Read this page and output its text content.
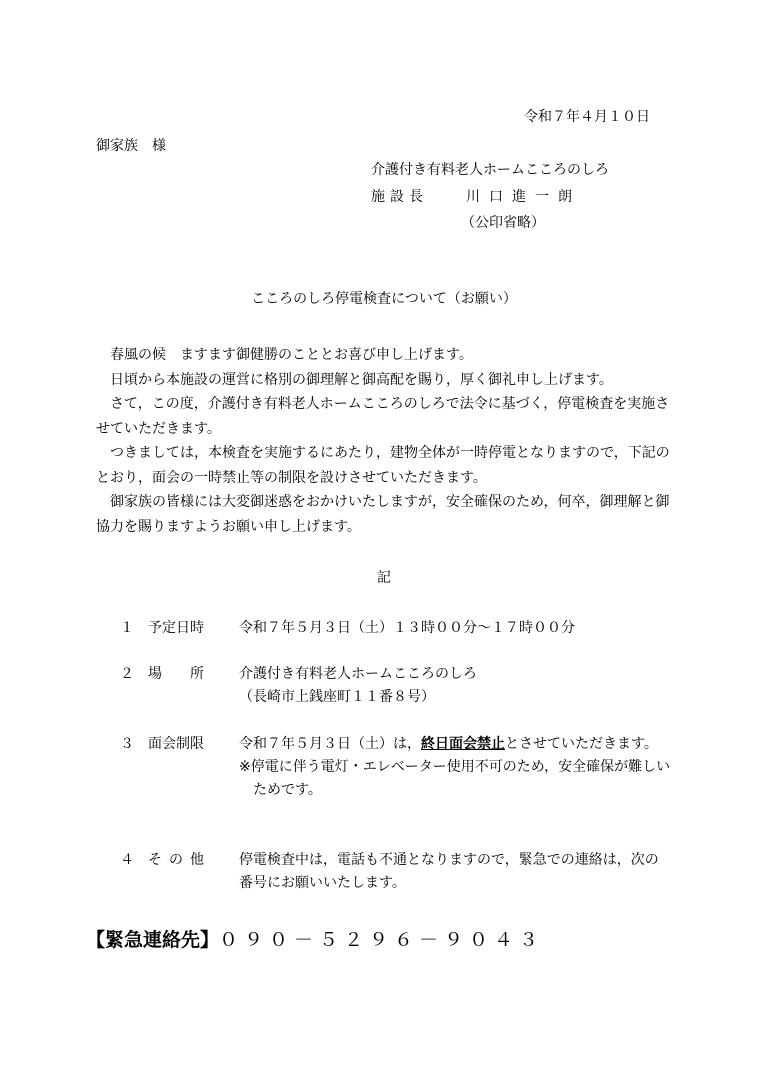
令和７年４月１０日
御家族　様
介護付き有料老人ホームこころのしろ
施設長	川口進一朗
（公印省略）
こころのしろ停電検査について（お願い）
春風の候　ますます御健勝のこととお喜び申し上げます。
日頃から本施設の運営に格別の御理解と御高配を賜り，厚く御礼申し上げます。
さて，この度，介護付き有料老人ホームこころのしろで法令に基づく，停電検査を実施させていただきます。
つきましては，本検査を実施するにあたり，建物全体が一時停電となりますので，下記のとおり，面会の一時禁止等の制限を設けさせていただきます。
御家族の皆様には大変御迷惑をおかけいたしますが，安全確保のため，何卒，御理解と御協力を賜りますようお願い申し上げます。
記
１ 予定日時	令和７年５月３日（土）１３時００分～１７時００分
２ 場所	介護付き有料老人ホームこころのしろ
（長崎市上銭座町１１番８号）
３ 面会制限	令和７年５月３日（土）は，終日面会禁止とさせていただきます。
※停電に伴う電灯・エレベーター使用不可のため，安全確保が難しいためです。
４ その他	停電検査中は，電話も不通となりますので，緊急での連絡は，次の番号にお願いいたします。
【緊急連絡先】０９０－５２９６－９０４３
